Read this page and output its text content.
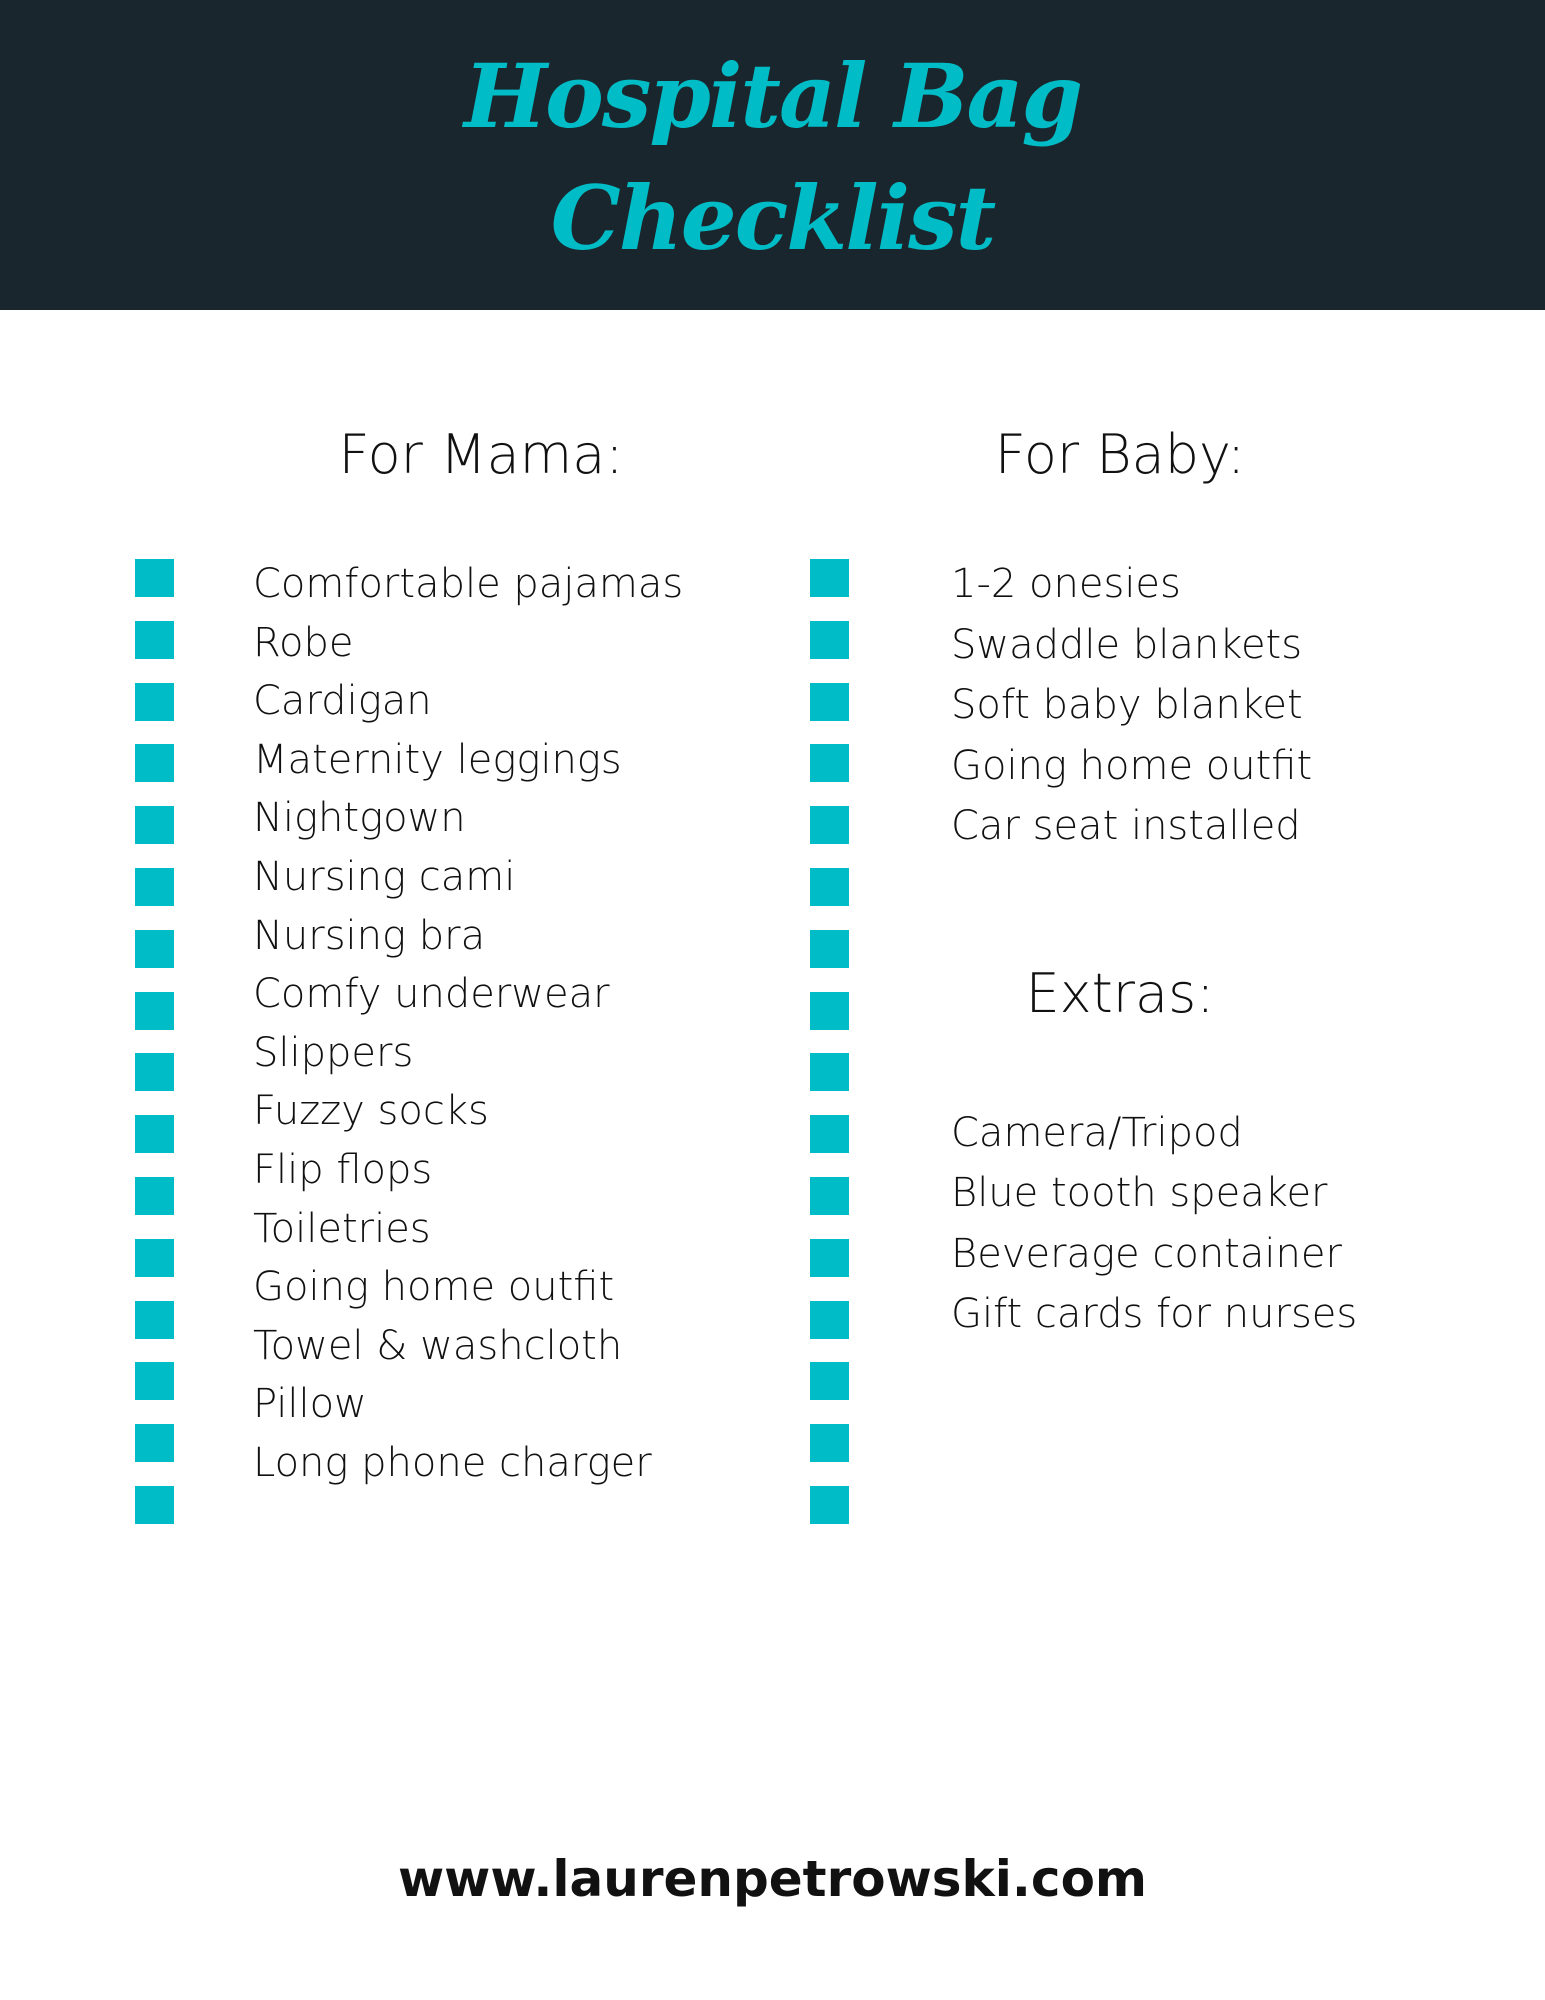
Hospital Bag
Checklist
For Mama:	For Baby:
Extras:
Comfortable pajamas
Robe
Cardigan
Maternity leggings
Nightgown
Nursing cami
Nursing bra
Comfy underwear
Slippers
Fuzzy socks
Flip flops
Toiletries
Going home outfit
Towel & washcloth
Pillow
Long phone charger
1-2 onesies
Swaddle blankets
Soft baby blanket
Going home outfit
Car seat installed
Camera/Tripod
Blue tooth speaker
Beverage container
Gift cards for nurses
www.laurenpetrowski.com
